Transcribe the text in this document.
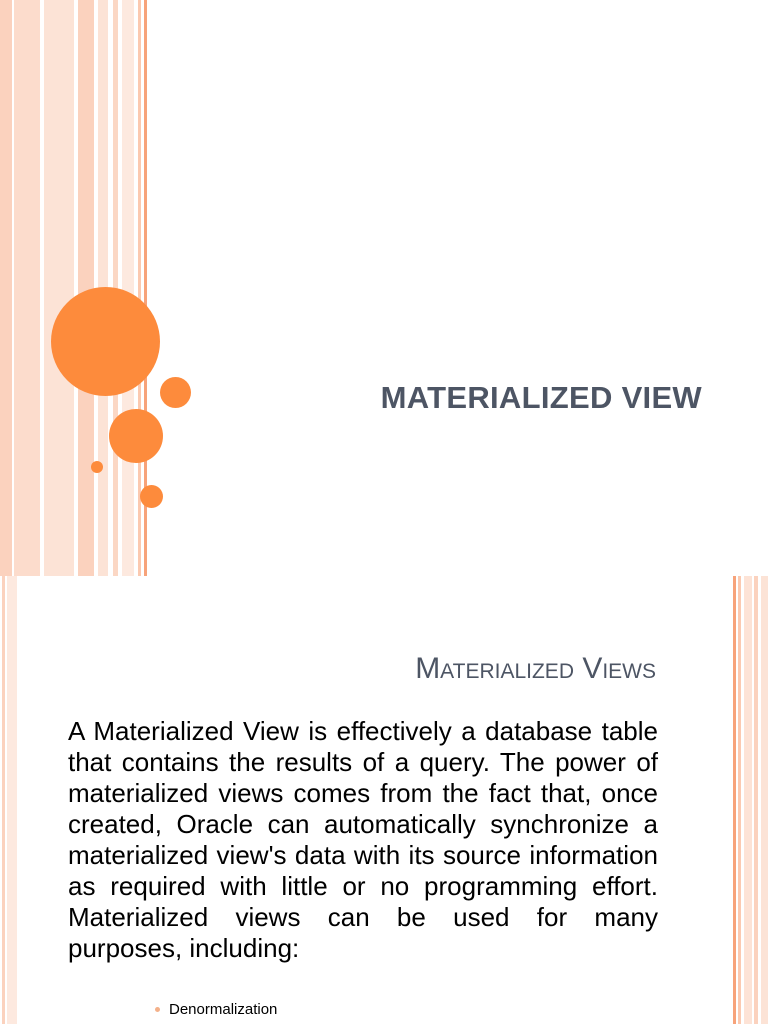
MATERIALIZED VIEW
Materialized Views

A Materialized View is effectively a database table that contains the results of a query. The power of materialized views comes from the fact that, once created, Oracle can automatically synchronize a materialized view's data with its source information as required with little or no programming effort. Materialized views can be used for many purposes, including:

Denormalization
